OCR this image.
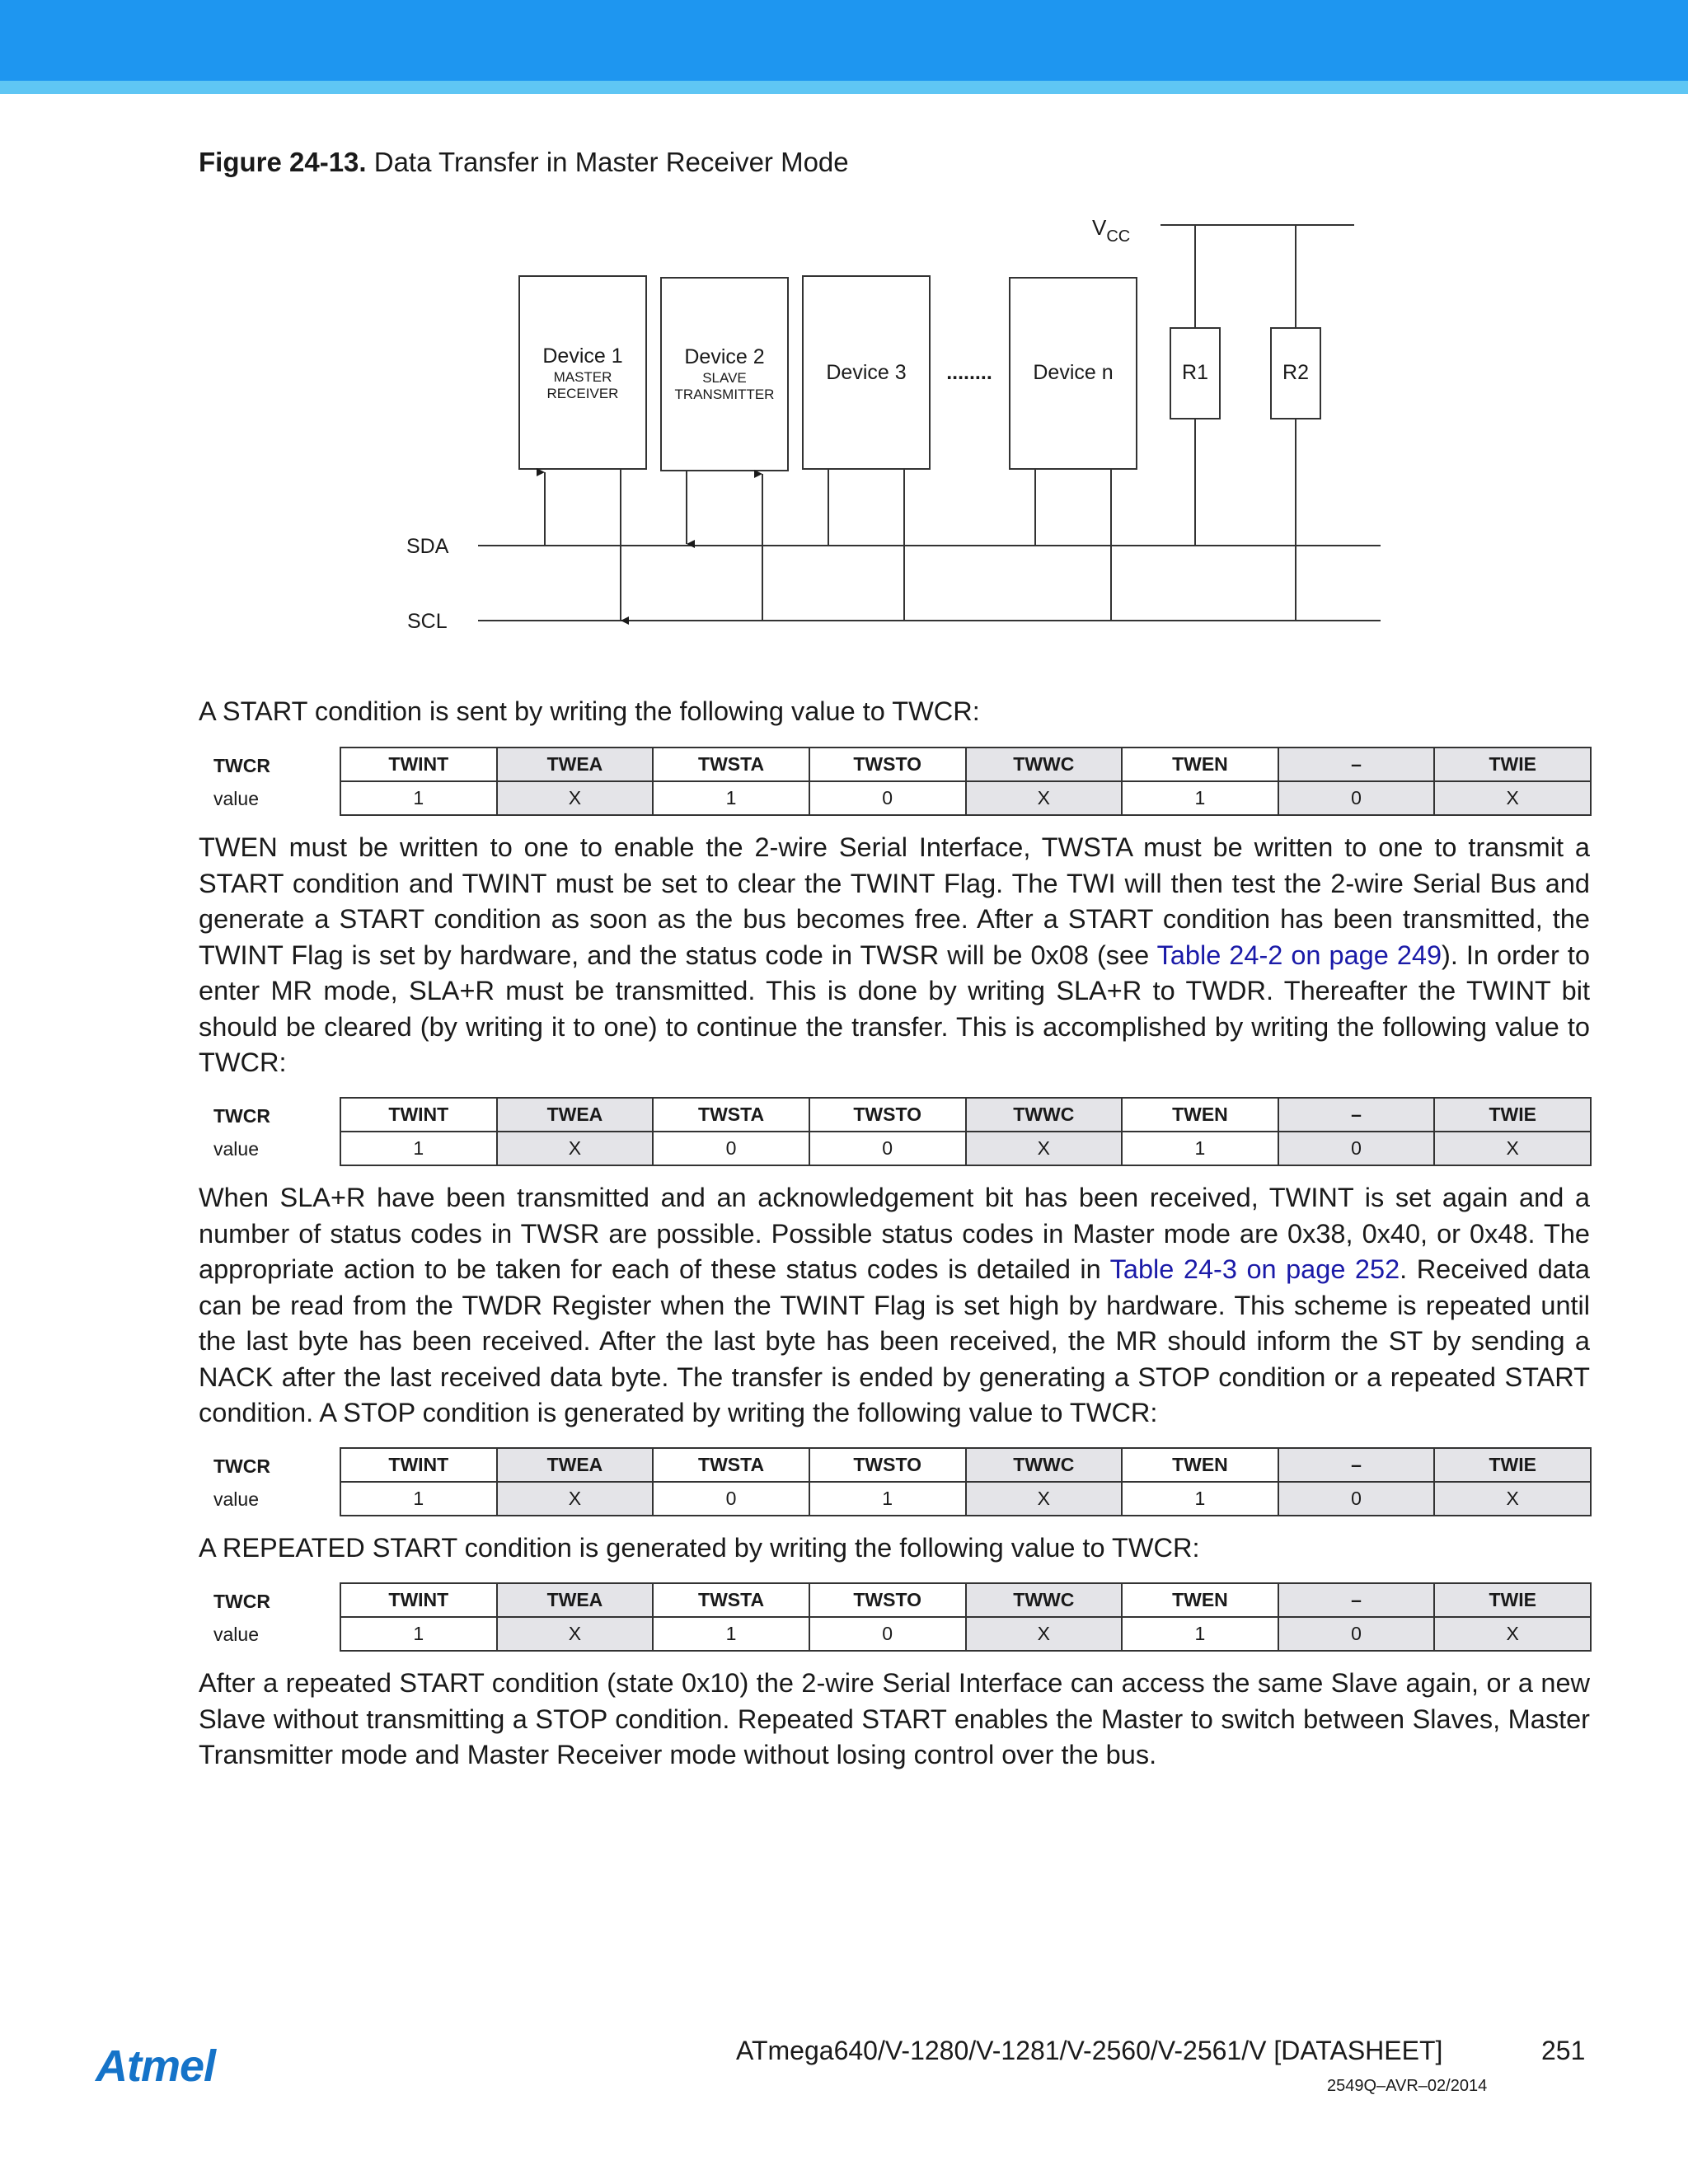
Figure 24-13. Data Transfer in Master Receiver Mode
$V_{CC}$
Device 1
MASTER
RECEIVER
Device 2
SLAVE
TRANSMITTER
Device 3 ........ Device n	R1	R2
SDA
SCL
A START condition is sent by writing the following value to TWCR:
TWCR
value
TWINT	TWEA	TWSTA	TWSTO	TWWC	TWEN	–	TWIE
1	X	1	0	X	1	0	X
TWEN must be written to one to enable the 2-wire Serial Interface, TWSTA must be written to one to transmit a START condition and TWINT must be set to clear the TWINT Flag. The TWI will then test the 2-wire Serial Bus and generate a START condition as soon as the bus becomes free. After a START condition has been transmitted, the TWINT Flag is set by hardware, and the status code in TWSR will be 0x08 (see Table 24-2 on page 249). In order to enter MR mode, SLA+R must be transmitted. This is done by writing SLA+R to TWDR. Thereafter the TWINT bit should be cleared (by writing it to one) to continue the transfer. This is accomplished by writing the following value to TWCR:
TWCR
value
TWINT	TWEA	TWSTA	TWSTO	TWWC	TWEN	–	TWIE
1	X	0	0	X	1	0	X
When SLA+R have been transmitted and an acknowledgement bit has been received, TWINT is set again and a number of status codes in TWSR are possible. Possible status codes in Master mode are 0x38, 0x40, or 0x48. The appropriate action to be taken for each of these status codes is detailed in Table 24-3 on page 252. Received data can be read from the TWDR Register when the TWINT Flag is set high by hardware. This scheme is repeated until the last byte has been received. After the last byte has been received, the MR should inform the ST by sending a NACK after the last received data byte. The transfer is ended by generating a STOP condition or a repeated START condition. A STOP condition is generated by writing the following value to TWCR:
TWCR
value
TWINT	TWEA	TWSTA	TWSTO	TWWC	TWEN	–	TWIE
1	X	0	1	X	1	0	X
A REPEATED START condition is generated by writing the following value to TWCR:
TWCR
value
TWINT	TWEA	TWSTA	TWSTO	TWWC	TWEN	–	TWIE
1	X	1	0	X	1	0	X
After a repeated START condition (state 0x10) the 2-wire Serial Interface can access the same Slave again, or a new Slave without transmitting a STOP condition. Repeated START enables the Master to switch between Slaves, Master Transmitter mode and Master Receiver mode without losing control over the bus.
Atmel	ATmega640/V-1280/V-1281/V-2560/V-2561/V [DATASHEET]	251
2549Q–AVR–02/2014
